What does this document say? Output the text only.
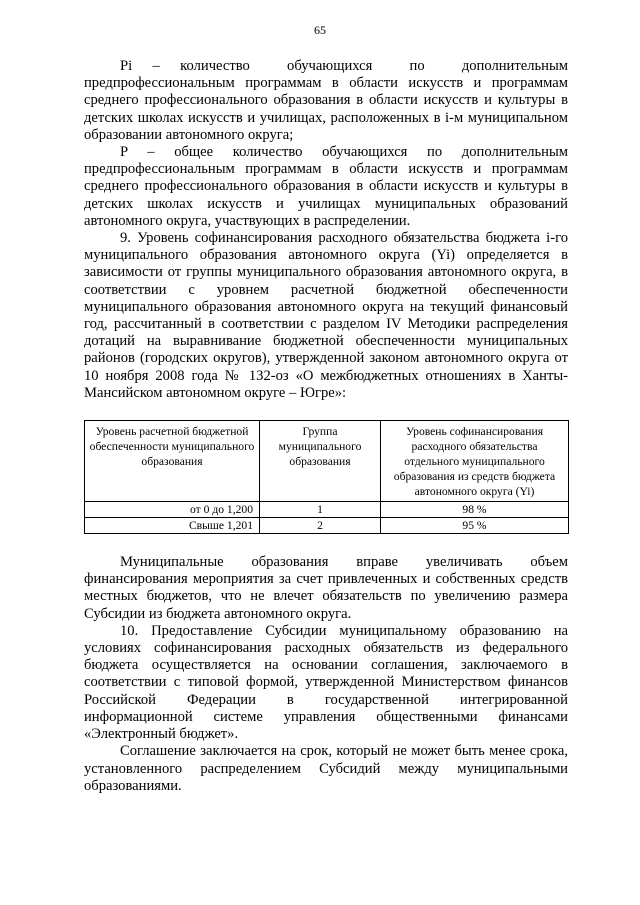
65

Pi – количество обучающихся по дополнительным предпрофессиональным программам в области искусств и программам среднего профессионального образования в области искусств и культуры в детских школах искусств и училищах, расположенных в i-м муниципальном образовании автономного округа;

P – общее количество обучающихся по дополнительным предпрофессиональным программам в области искусств и программам среднего профессионального образования в области искусств и культуры в детских школах искусств и училищах муниципальных образований автономного округа, участвующих в распределении.

9. Уровень софинансирования расходного обязательства бюджета i-го муниципального образования автономного округа (Yi) определяется в зависимости от группы муниципального образования автономного округа, в соответствии с уровнем расчетной бюджетной обеспеченности муниципального образования автономного округа на текущий финансовый год, рассчитанный в соответствии с разделом IV Методики распределения дотаций на выравнивание бюджетной обеспеченности муниципальных районов (городских округов), утвержденной законом автономного округа от 10 ноября 2008 года № 132-оз «О межбюджетных отношениях в Ханты-Мансийском автономном округе – Югре»:

Уровень расчетной бюджетной обеспеченности муниципального образования	Группа муниципального образования	Уровень софинансирования расходного обязательства отдельного муниципального образования из средств бюджета автономного округа (Yi)
от 0 до 1,200	1	98 %
Свыше 1,201	2	95 %

Муниципальные образования вправе увеличивать объем финансирования мероприятия за счет привлеченных и собственных средств местных бюджетов, что не влечет обязательств по увеличению размера Субсидии из бюджета автономного округа.

10. Предоставление Субсидии муниципальному образованию на условиях софинансирования расходных обязательств из федерального бюджета осуществляется на основании соглашения, заключаемого в соответствии с типовой формой, утвержденной Министерством финансов Российской Федерации в государственной интегрированной информационной системе управления общественными финансами «Электронный бюджет».

Соглашение заключается на срок, который не может быть менее срока, установленного распределением Субсидий между муниципальными образованиями.
